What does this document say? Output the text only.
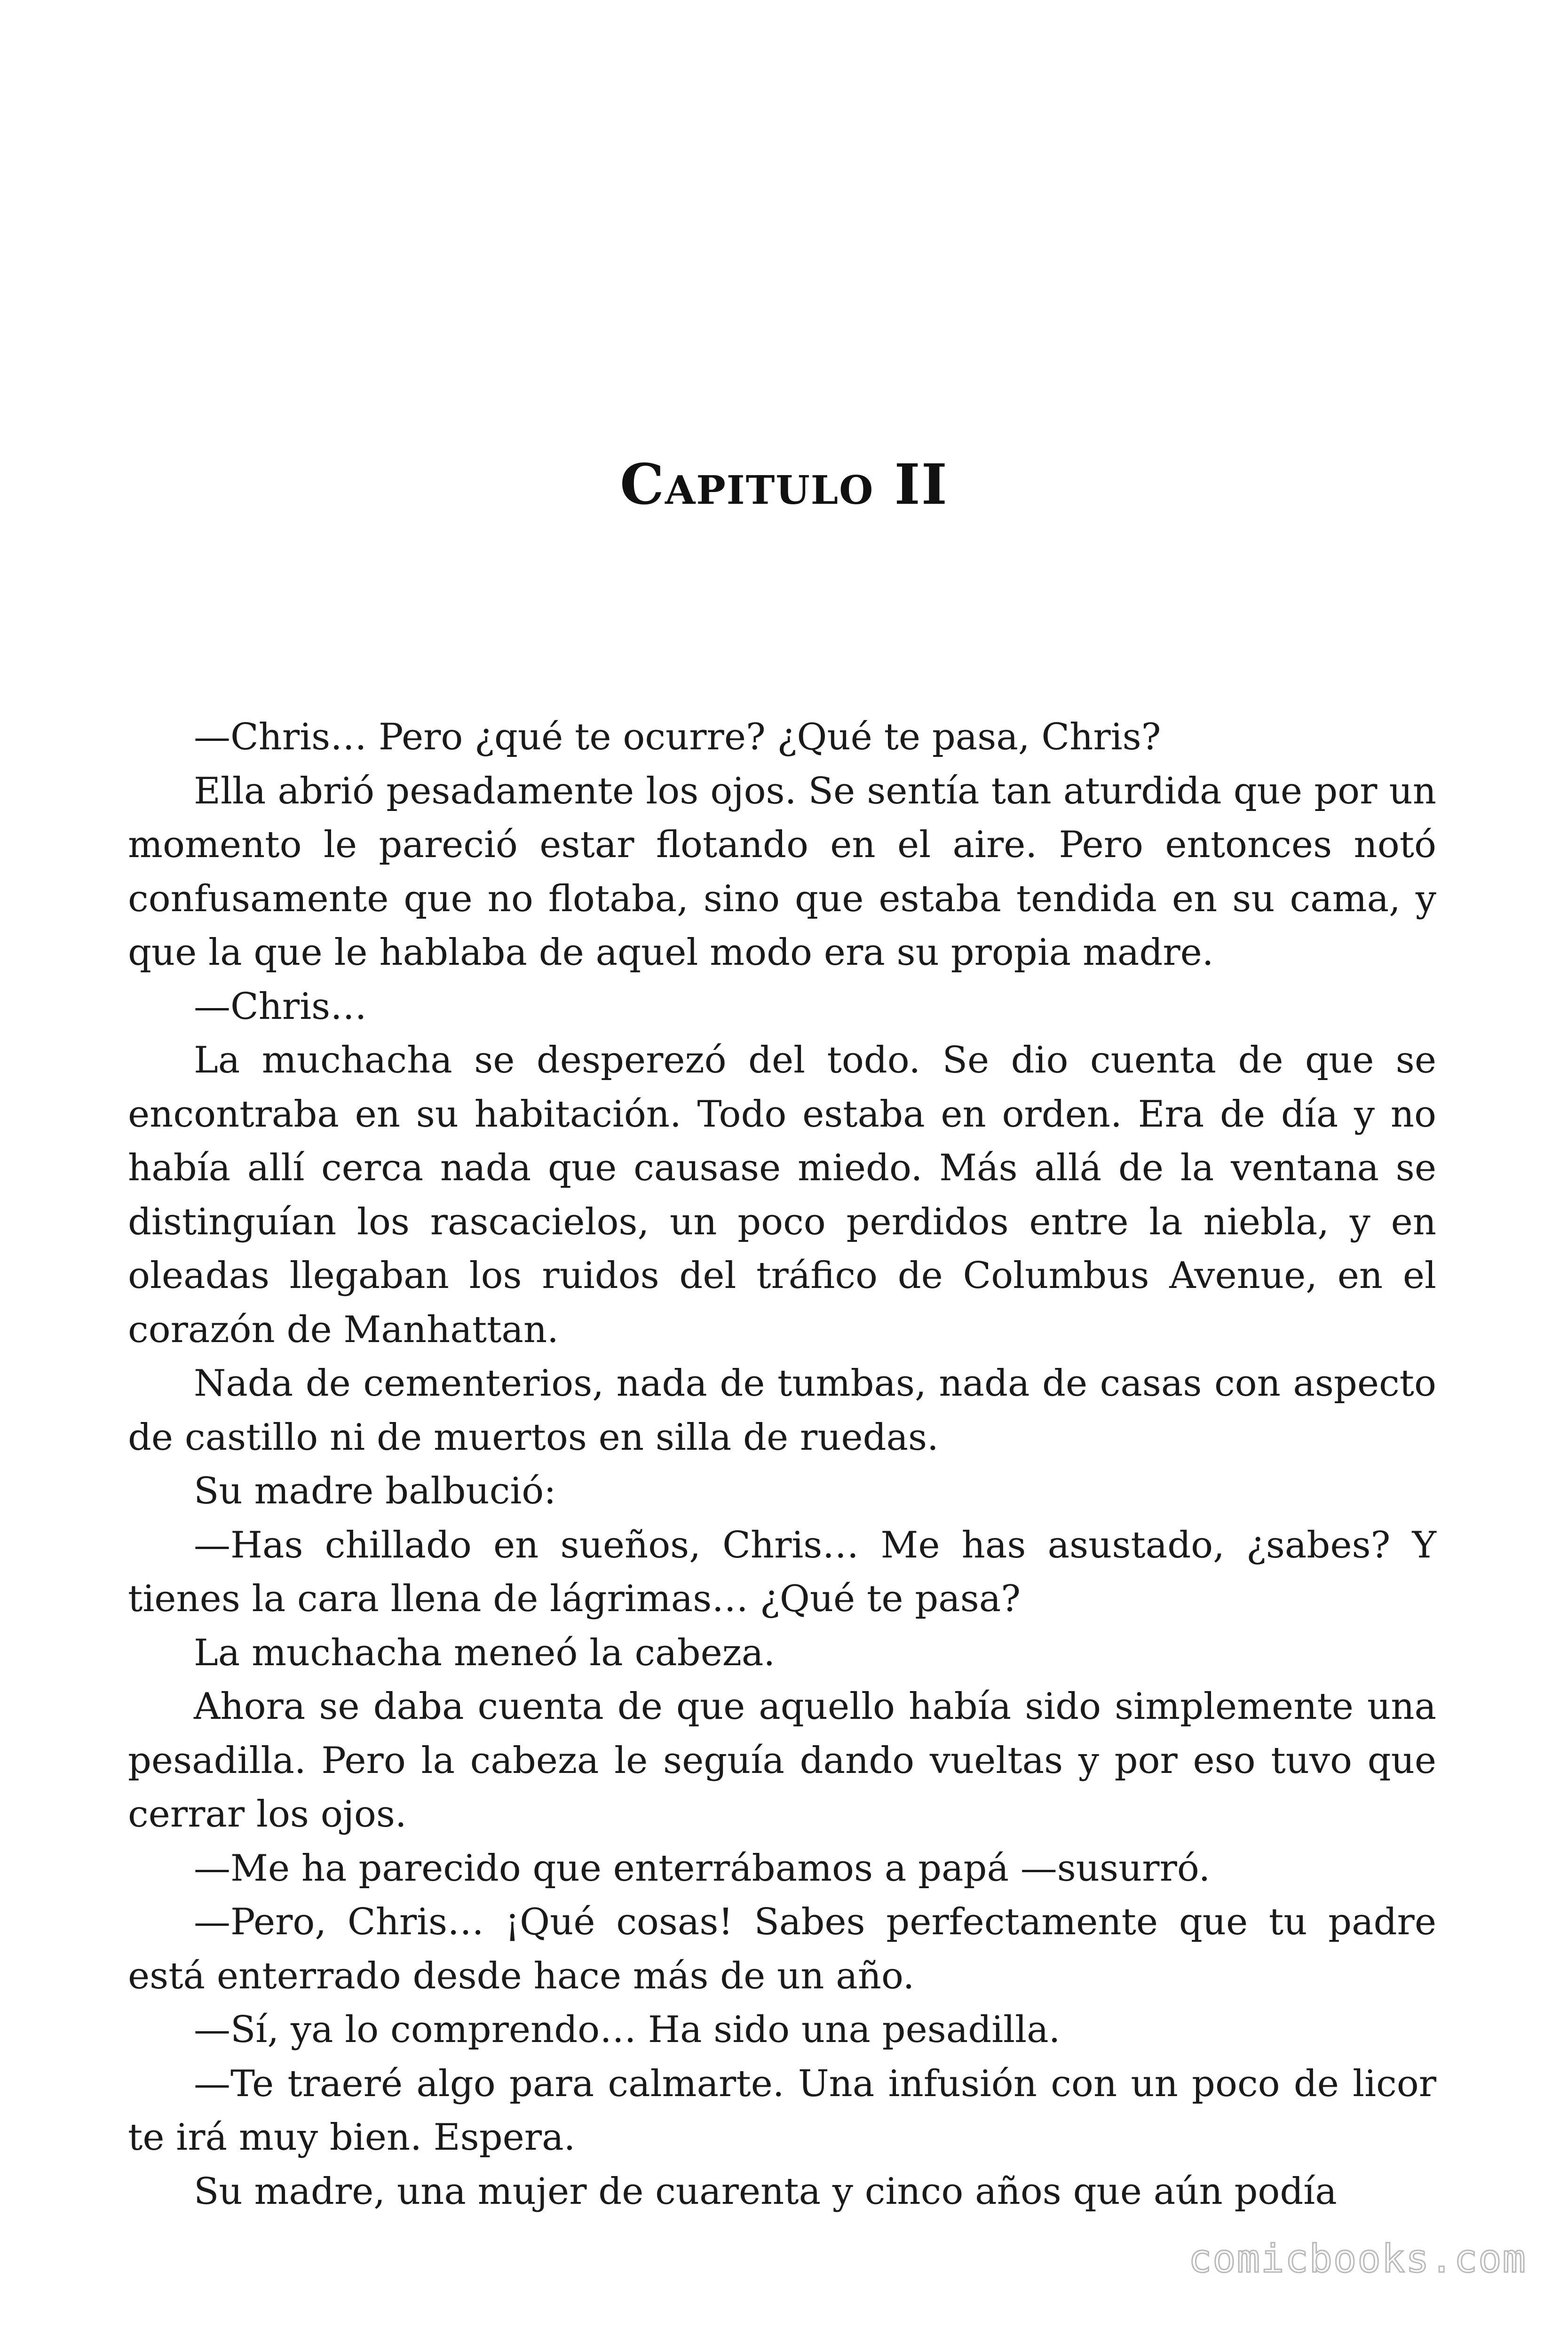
Capitulo II

—Chris… Pero ¿qué te ocurre? ¿Qué te pasa, Chris?

Ella abrió pesadamente los ojos. Se sentía tan aturdida que por un momento le pareció estar flotando en el aire. Pero entonces notó confusamente que no flotaba, sino que estaba tendida en su cama, y que la que le hablaba de aquel modo era su propia madre.

—Chris…

La muchacha se desperezó del todo. Se dio cuenta de que se encontraba en su habitación. Todo estaba en orden. Era de día y no había allí cerca nada que causase miedo. Más allá de la ventana se distinguían los rascacielos, un poco perdidos entre la niebla, y en oleadas llegaban los ruidos del tráfico de Columbus Avenue, en el corazón de Manhattan.

Nada de cementerios, nada de tumbas, nada de casas con aspecto de castillo ni de muertos en silla de ruedas.

Su madre balbució:

—Has chillado en sueños, Chris… Me has asustado, ¿sabes? Y tienes la cara llena de lágrimas… ¿Qué te pasa?

La muchacha meneó la cabeza.

Ahora se daba cuenta de que aquello había sido simplemente una pesadilla. Pero la cabeza le seguía dando vueltas y por eso tuvo que cerrar los ojos.

—Me ha parecido que enterrábamos a papá —susurró.

—Pero, Chris… ¡Qué cosas! Sabes perfectamente que tu padre está enterrado desde hace más de un año.

—Sí, ya lo comprendo… Ha sido una pesadilla.

—Te traeré algo para calmarte. Una infusión con un poco de licor te irá muy bien. Espera.

Su madre, una mujer de cuarenta y cinco años que aún podía

comicbooks.com
